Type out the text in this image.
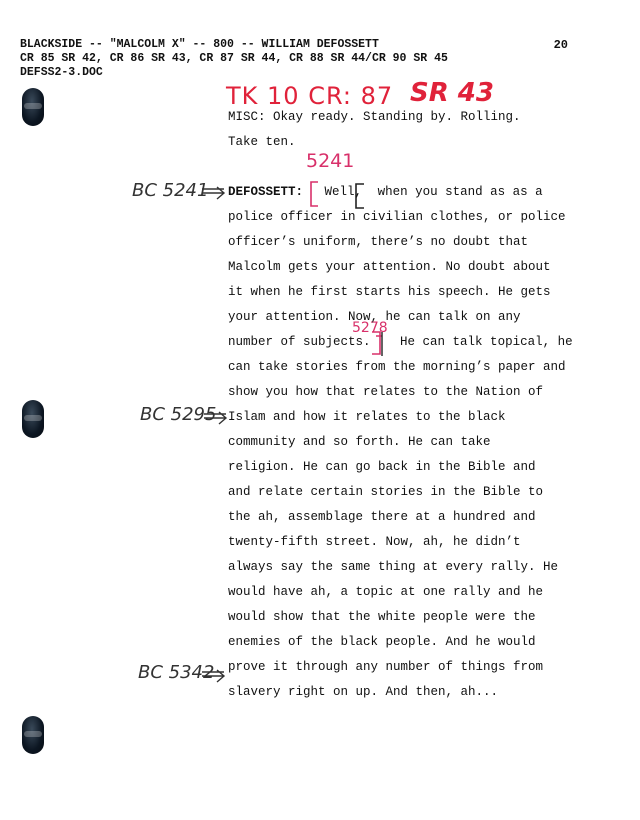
BLACKSIDE -- "MALCOLM X" -- 800 -- WILLIAM DEFOSSETT
CR 85 SR 42, CR 86 SR 43, CR 87 SR 44, CR 88 SR 44/CR 90 SR 45
DEFSS2-3.DOC
20
TK 10 CR: 87 SR 43
5241
5278
BC 5241
BC 5295
BC 5342
MISC: Okay ready. Standing by. Rolling.
Take ten.
DEFOSSETT: Well, when you stand as as a
police officer in civilian clothes, or police
officer’s uniform, there’s no doubt that
Malcolm gets your attention. No doubt about
it when he first starts his speech. He gets
your attention. Now, he can talk on any
number of subjects. He can talk topical, he
can take stories from the morning’s paper and
show you how that relates to the Nation of
Islam and how it relates to the black
community and so forth. He can take
religion. He can go back in the Bible and
and relate certain stories in the Bible to
the ah, assemblage there at a hundred and
twenty-fifth street. Now, ah, he didn’t
always say the same thing at every rally. He
would have ah, a topic at one rally and he
would show that the white people were the
enemies of the black people. And he would
prove it through any number of things from
slavery right on up. And then, ah...
